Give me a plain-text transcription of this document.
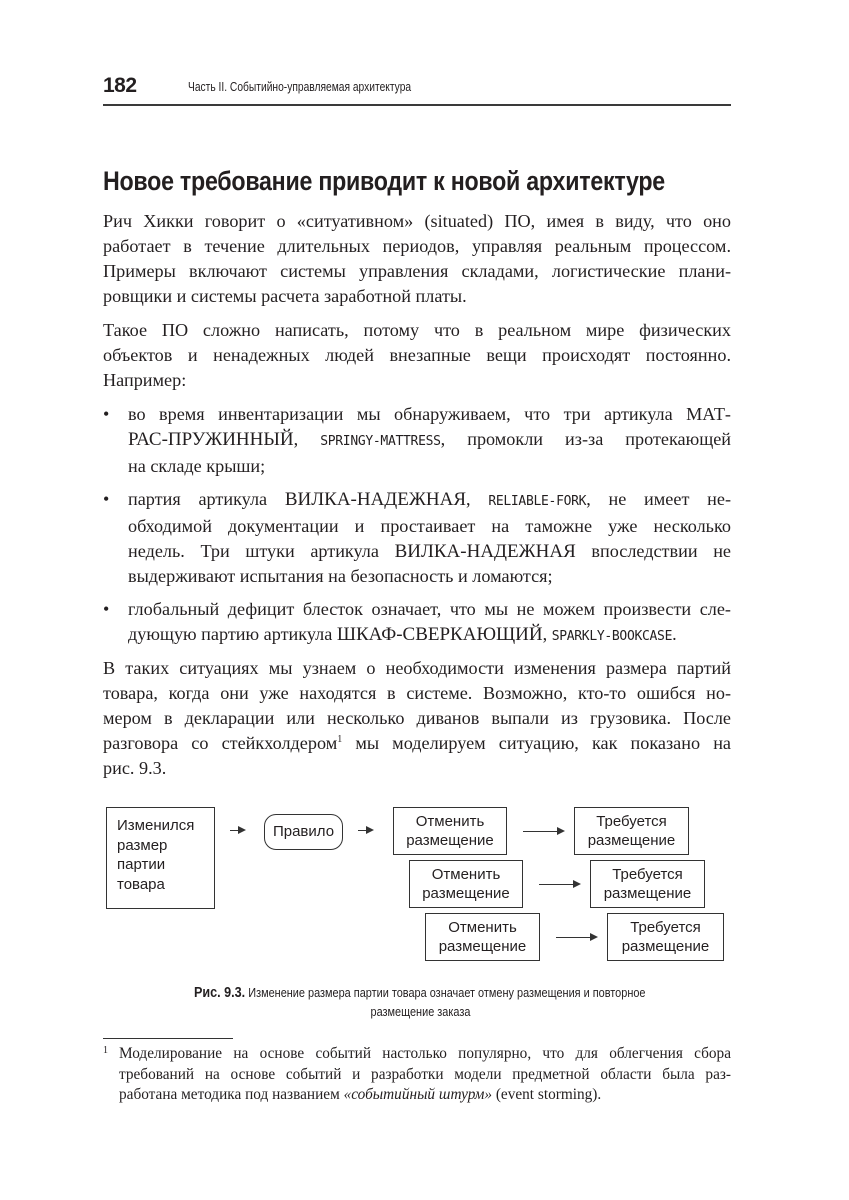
182	Часть II. Событийно-управляемая архитектура
Новое требование приводит к новой архитектуре
Рич Хикки говорит о «ситуативном» (situated) ПО, имея в виду, что оно
работает в течение длительных периодов, управляя реальным процессом.
Примеры включают системы управления складами, логистические плани-
ровщики и системы расчета заработной платы.
Такое ПО сложно написать, потому что в реальном мире физических
объектов и ненадежных людей внезапные вещи происходят постоянно.
Например:
• во время инвентаризации мы обнаруживаем, что три артикула МАТ-
РАС-ПРУЖИННЫЙ, SPRINGY-MATTRESS, промокли из-за протекающей
на складе крыши;
• партия артикула ВИЛКА-НАДЕЖНАЯ, RELIABLE-FORK, не имеет не-
обходимой документации и простаивает на таможне уже несколько
недель. Три штуки артикула ВИЛКА-НАДЕЖНАЯ впоследствии не
выдерживают испытания на безопасность и ломаются;
• глобальный дефицит блесток означает, что мы не можем произвести сле-
дующую партию артикула ШКАФ-СВЕРКАЮЩИЙ, SPARKLY-BOOKCASE.
В таких ситуациях мы узнаем о необходимости изменения размера партий
товара, когда они уже находятся в системе. Возможно, кто-то ошибся но-
мером в декларации или несколько диванов выпали из грузовика. После
разговора со стейкхолдером$^1$ мы моделируем ситуацию, как показано на
рис. 9.3.
Изменился
размер
партии
товара
Правило
Отменить
размещение
Требуется
размещение
Отменить
размещение
Требуется
размещение
Отменить
размещение
Требуется
размещение
Рис. 9.3. Изменение размера партии товара означает отмену размещения и повторное
размещение заказа
1 Моделирование на основе событий настолько популярно, что для облегчения сбора
требований на основе событий и разработки модели предметной области была раз-
работана методика под названием «событийный штурм» (event storming).
